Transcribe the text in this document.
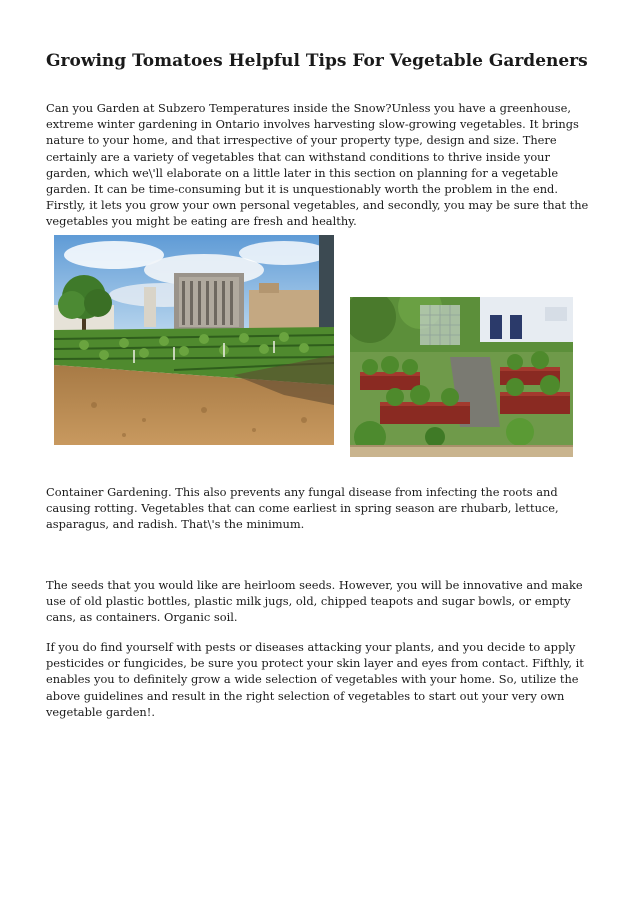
Growing Tomatoes Helpful Tips For Vegetable Gardeners

Can you Garden at Subzero Temperatures inside the Snow?Unless you have a greenhouse, extreme winter gardening in Ontario involves harvesting slow-growing vegetables. It brings nature to your home, and that irrespective of your property type, design and size. There certainly are a variety of vegetables that can withstand conditions to thrive inside your garden, which we\'ll elaborate on a little later in this section on planning for a vegetable garden. It can be time-consuming but it is unquestionably worth the problem in the end. Firstly, it lets you grow your own personal vegetables, and secondly, you may be sure that the vegetables you might be eating are fresh and healthy.

Container Gardening. This also prevents any fungal disease from infecting the roots and causing rotting. Vegetables that can come earliest in spring season are rhubarb, lettuce, asparagus, and radish. That\'s the minimum.

The seeds that you would like are heirloom seeds. However, you will be innovative and make use of old plastic bottles, plastic milk jugs, old, chipped teapots and sugar bowls, or empty cans, as containers. Organic soil.

If you do find yourself with pests or diseases attacking your plants, and you decide to apply pesticides or fungicides, be sure you protect your skin layer and eyes from contact. Fifthly, it enables you to definitely grow a wide selection of vegetables with your home. So, utilize the above guidelines and result in the right selection of vegetables to start out your very own vegetable garden!.
